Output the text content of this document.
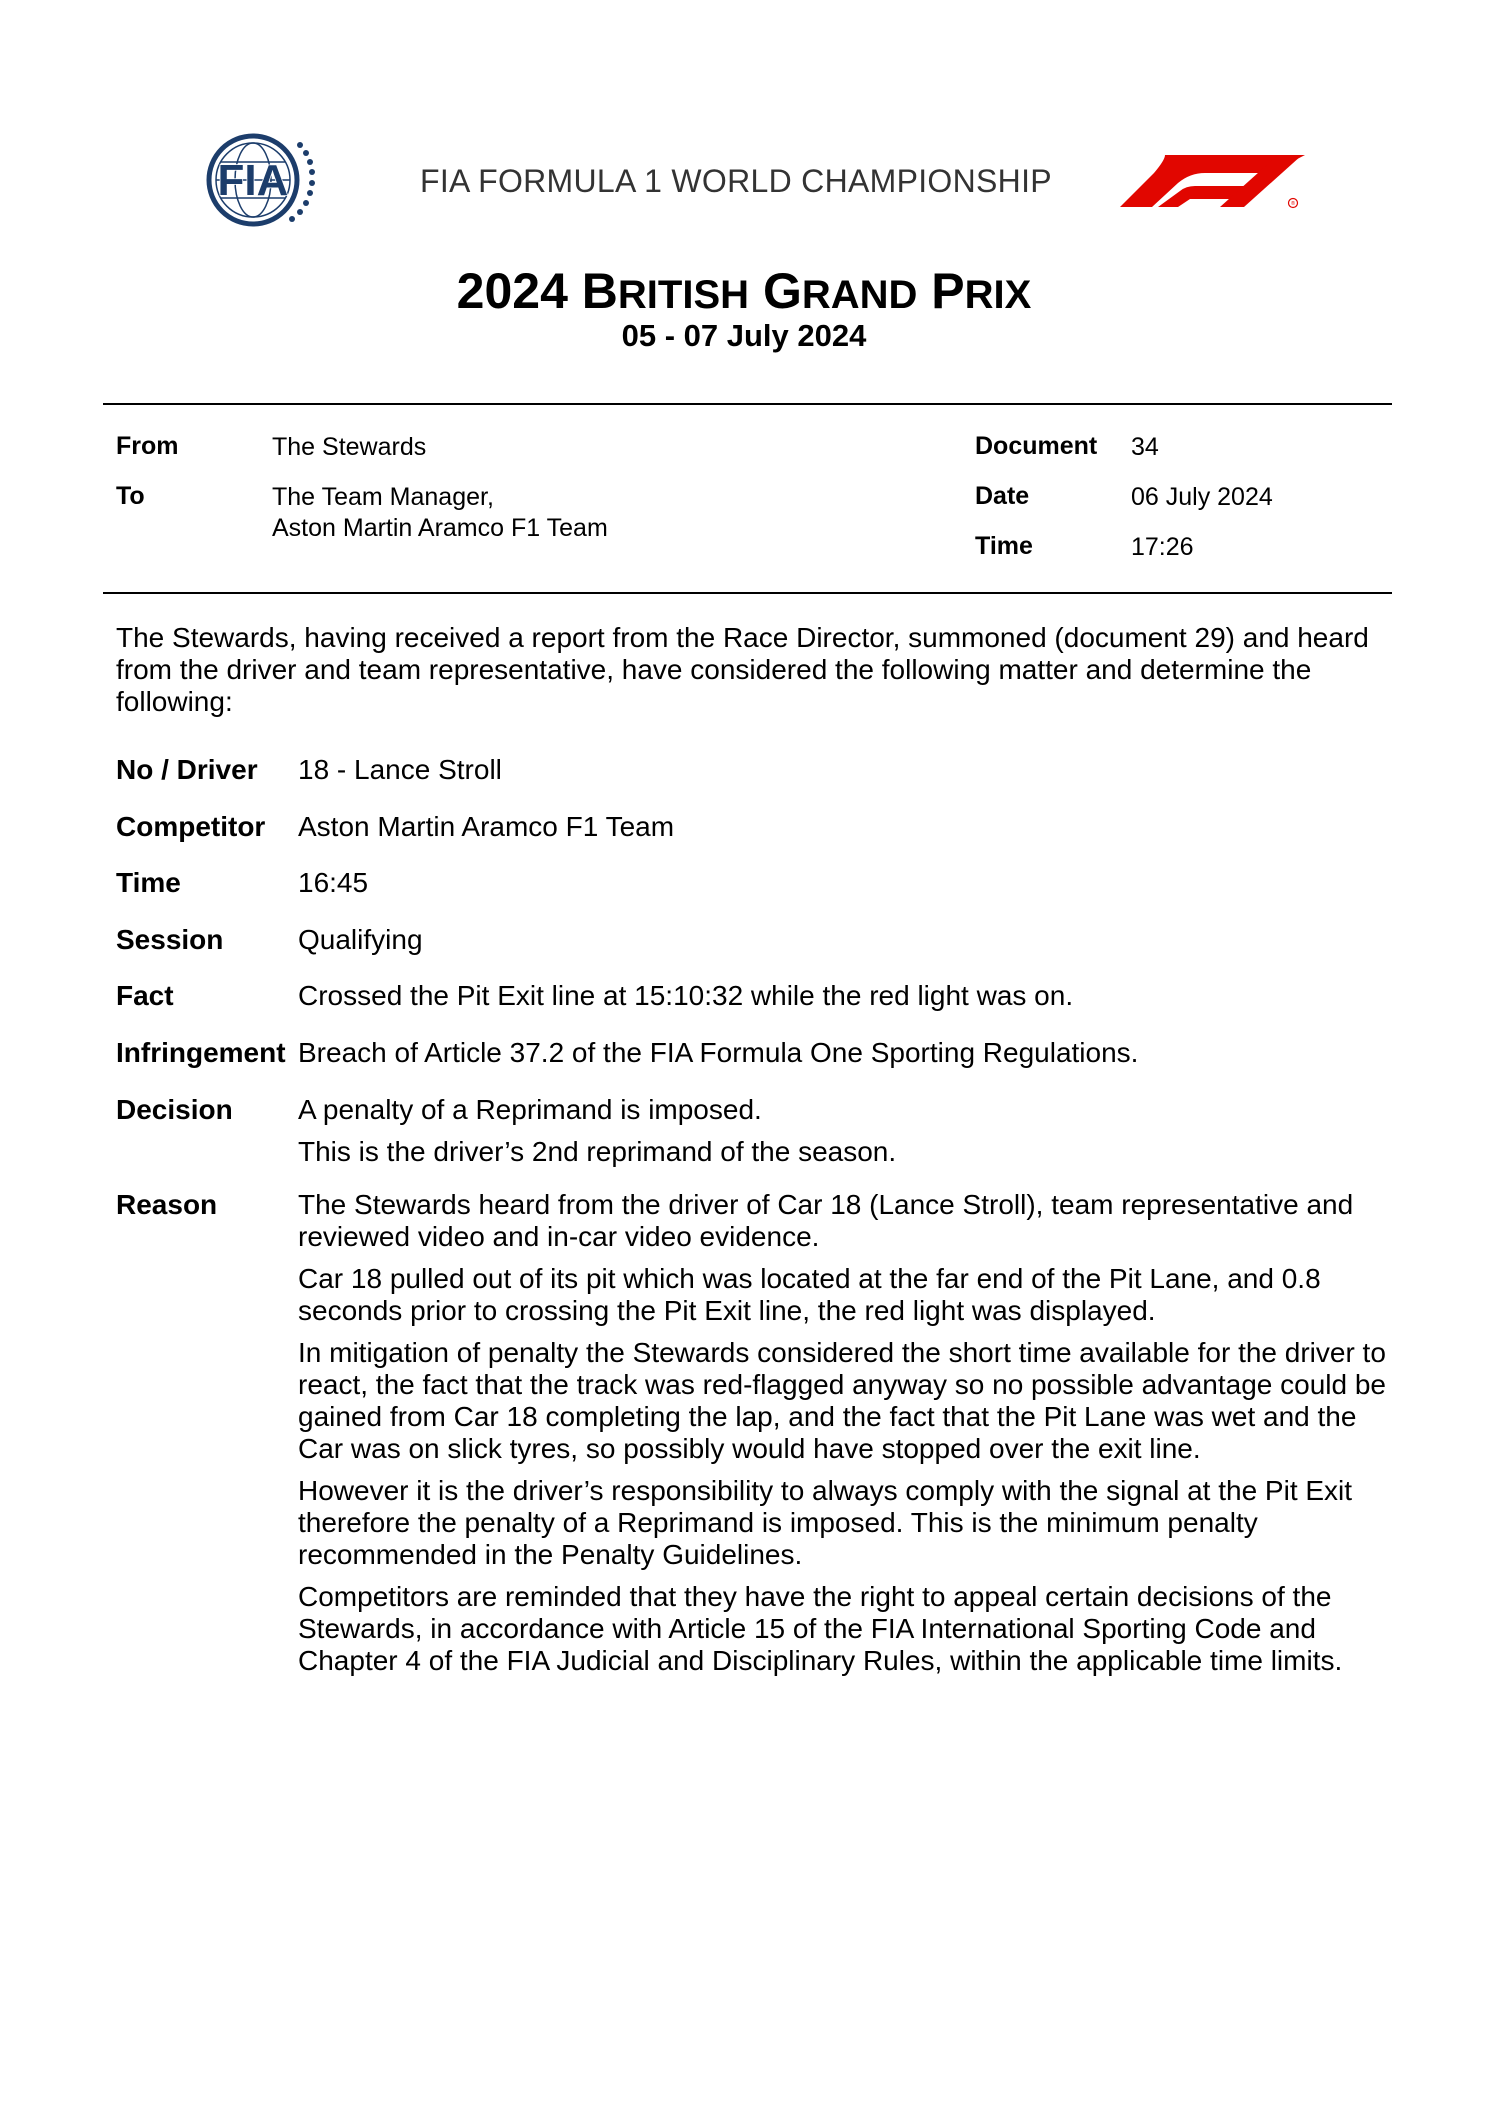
FIA	FIA FORMULA 1 WORLD CHAMPIONSHIP
®
2024 BRITISH GRAND PRIX
05 - 07 July 2024
From	The Stewards
To	The Team Manager,
Aston Martin Aramco F1 Team
Document 34
Date	06 July 2024
Time	17:26
The Stewards, having received a report from the Race Director, summoned (document 29) and heard from the driver and team representative, have considered the following matter and determine the following:
No / Driver 18 - Lance Stroll
Competitor Aston Martin Aramco F1 Team
Time	16:45
Session	Qualifying
Fact	Crossed the Pit Exit line at 15:10:32 while the red light was on.
Infringement Breach of Article 37.2 of the FIA Formula One Sporting Regulations.
Decision A penalty of a Reprimand is imposed.
This is the driver’s 2nd reprimand of the season.
Reason	The Stewards heard from the driver of Car 18 (Lance Stroll), team representative and reviewed video and in-car video evidence.
Car 18 pulled out of its pit which was located at the far end of the Pit Lane, and 0.8 seconds prior to crossing the Pit Exit line, the red light was displayed.
In mitigation of penalty the Stewards considered the short time available for the driver to react, the fact that the track was red-flagged anyway so no possible advantage could be gained from Car 18 completing the lap, and the fact that the Pit Lane was wet and the Car was on slick tyres, so possibly would have stopped over the exit line.
However it is the driver’s responsibility to always comply with the signal at the Pit Exit therefore the penalty of a Reprimand is imposed. This is the minimum penalty recommended in the Penalty Guidelines.
Competitors are reminded that they have the right to appeal certain decisions of the Stewards, in accordance with Article 15 of the FIA International Sporting Code and Chapter 4 of the FIA Judicial and Disciplinary Rules, within the applicable time limits.
